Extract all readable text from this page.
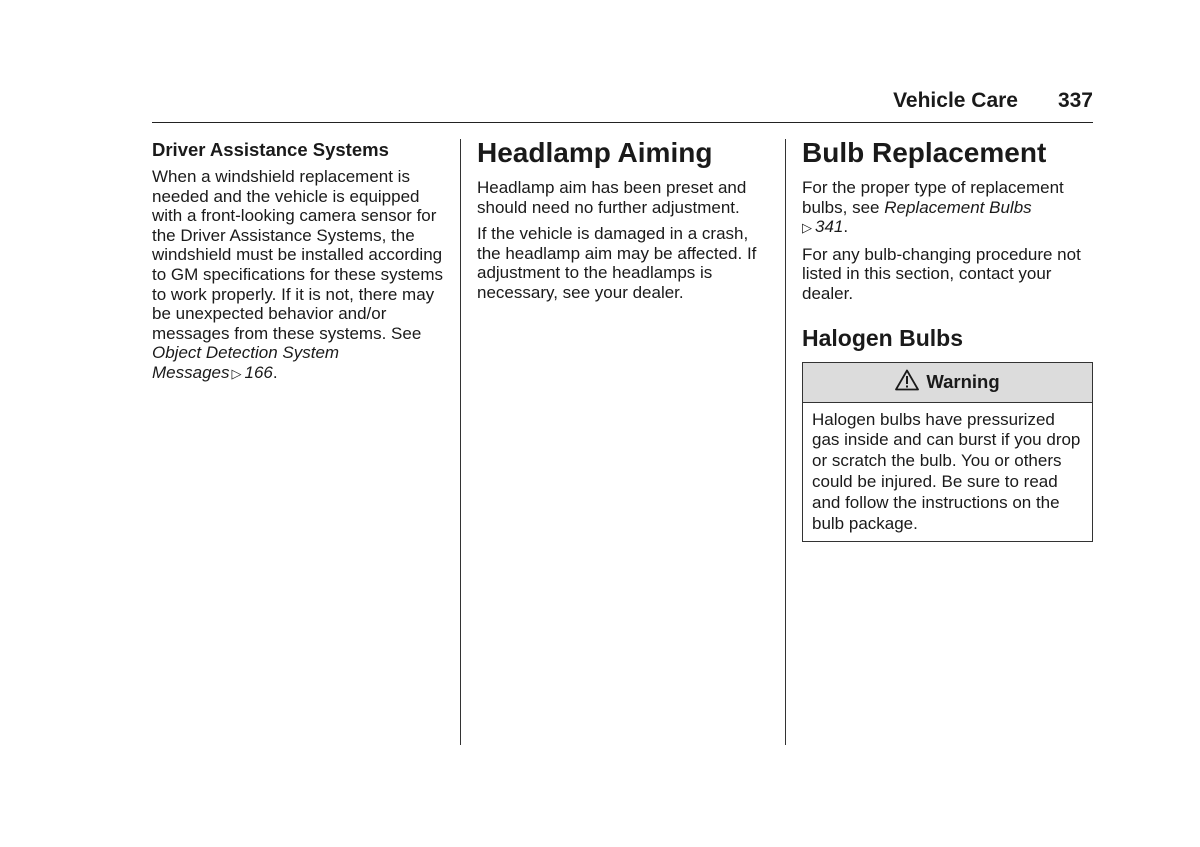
Vehicle Care 337
Driver Assistance Systems

When a windshield replacement is needed and the vehicle is equipped with a front-looking camera sensor for the Driver Assistance Systems, the windshield must be installed according to GM specifications for these systems to work properly. If it is not, there may be unexpected behavior and/or messages from these systems. See Object Detection System Messages ▷ 166.

Headlamp Aiming

Headlamp aim has been preset and should need no further adjustment.

If the vehicle is damaged in a crash, the headlamp aim may be affected. If adjustment to the headlamps is necessary, see your dealer.

Bulb Replacement

For the proper type of replacement bulbs, see Replacement Bulbs
▷ 341.

For any bulb-changing procedure not listed in this section, contact your dealer.

Halogen Bulbs
Warning

Halogen bulbs have pressurized gas inside and can burst if you drop or scratch the bulb. You or others could be injured. Be sure to read and follow the instructions on the bulb package.
